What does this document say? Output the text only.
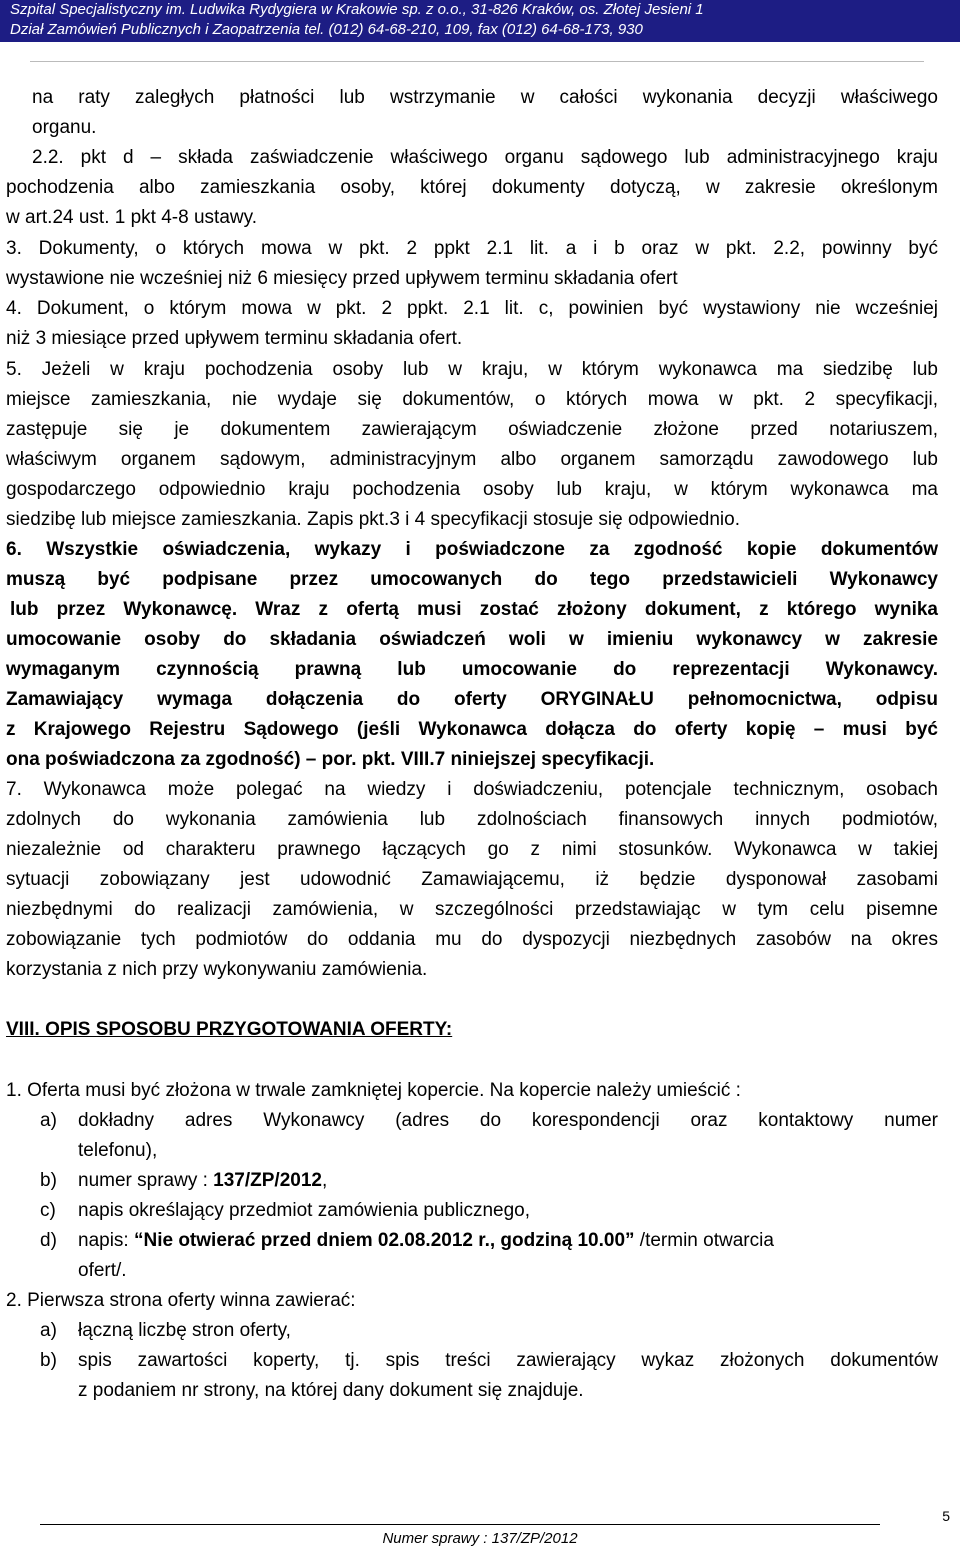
Szpital Specjalistyczny im. Ludwika Rydygiera w Krakowie sp. z o.o., 31-826 Kraków, os. Złotej Jesieni 1
Dział Zamówień Publicznych i Zaopatrzenia tel. (012) 64-68-210, 109, fax (012) 64-68-173, 930
na raty zaległych płatności lub wstrzymanie w całości wykonania decyzji właściwego
organu.
2.2. pkt d – składa zaświadczenie właściwego organu sądowego lub administracyjnego kraju
pochodzenia albo zamieszkania osoby, której dokumenty dotyczą, w zakresie określonym
w art.24 ust. 1 pkt 4-8 ustawy.
3. Dokumenty, o których mowa w pkt. 2 ppkt 2.1 lit. a i b oraz w pkt. 2.2, powinny być
wystawione nie wcześniej niż 6 miesięcy przed upływem terminu składania ofert
4. Dokument, o którym mowa w pkt. 2 ppkt. 2.1 lit. c, powinien być wystawiony nie wcześniej
niż 3 miesiące przed upływem terminu składania ofert.
5. Jeżeli w kraju pochodzenia osoby lub w kraju, w którym wykonawca ma siedzibę lub
miejsce zamieszkania, nie wydaje się dokumentów, o których mowa w pkt. 2 specyfikacji,
zastępuje się je dokumentem zawierającym oświadczenie złożone przed notariuszem,
właściwym organem sądowym, administracyjnym albo organem samorządu zawodowego lub
gospodarczego odpowiednio kraju pochodzenia osoby lub kraju, w którym wykonawca ma
siedzibę lub miejsce zamieszkania. Zapis pkt.3 i 4 specyfikacji stosuje się odpowiednio.
6. Wszystkie oświadczenia, wykazy i poświadczone za zgodność kopie dokumentów
muszą być podpisane przez umocowanych do tego przedstawicieli Wykonawcy
lub przez Wykonawcę. Wraz z ofertą musi zostać złożony dokument, z którego wynika
umocowanie osoby do składania oświadczeń woli w imieniu wykonawcy w zakresie
wymaganym czynnością prawną lub umocowanie do reprezentacji Wykonawcy.
Zamawiający wymaga dołączenia do oferty ORYGINAŁU pełnomocnictwa, odpisu
z Krajowego Rejestru Sądowego (jeśli Wykonawca dołącza do oferty kopię – musi być
ona poświadczona za zgodność) – por. pkt. VIII.7 niniejszej specyfikacji.
7. Wykonawca może polegać na wiedzy i doświadczeniu, potencjale technicznym, osobach
zdolnych do wykonania zamówienia lub zdolnościach finansowych innych podmiotów,
niezależnie od charakteru prawnego łączących go z nimi stosunków. Wykonawca w takiej
sytuacji zobowiązany jest udowodnić Zamawiającemu, iż będzie dysponował zasobami
niezbędnymi do realizacji zamówienia, w szczególności przedstawiając w tym celu pisemne
zobowiązanie tych podmiotów do oddania mu do dyspozycji niezbędnych zasobów na okres
korzystania z nich przy wykonywaniu zamówienia.
VIII. OPIS SPOSOBU PRZYGOTOWANIA OFERTY:
1. Oferta musi być złożona w trwale zamkniętej kopercie. Na kopercie należy umieścić :
a) dokładny adres Wykonawcy (adres do korespondencji oraz kontaktowy numer
telefonu),
b) numer sprawy : 137/ZP/2012,
c) napis określający przedmiot zamówienia publicznego,
d) napis: “Nie otwierać przed dniem 02.08.2012 r., godziną 10.00” /termin otwarcia
ofert/.
2. Pierwsza strona oferty winna zawierać:
a) łączną liczbę stron oferty,
b) spis zawartości koperty, tj. spis treści zawierający wykaz złożonych dokumentów
z podaniem nr strony, na której dany dokument się znajduje.
5
Numer sprawy : 137/ZP/2012
